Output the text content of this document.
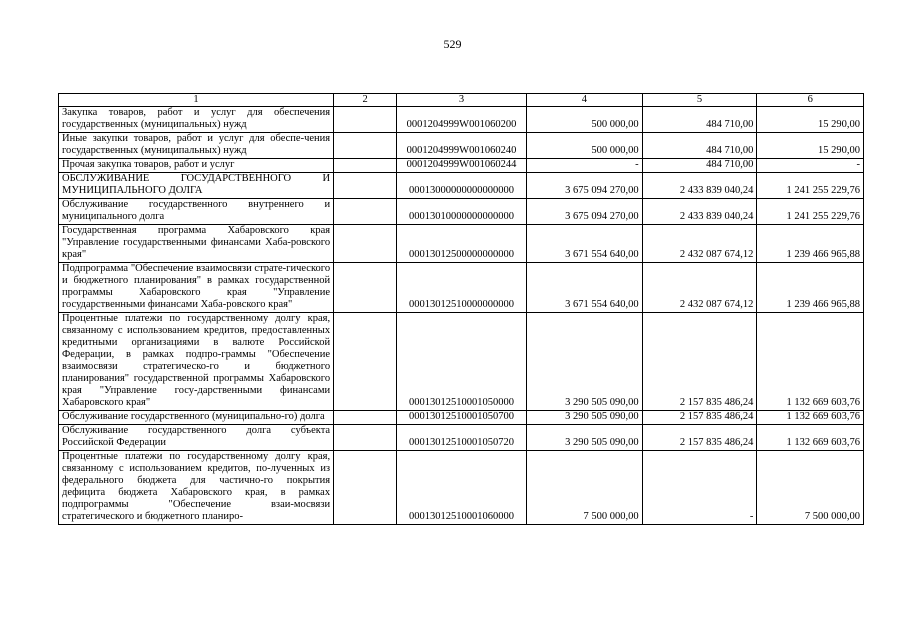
529
1	2	3	4	5	6
Закупка товаров, работ и услуг для обеспечения государственных (муниципальных) нужд		0001204999W001060200	500 000,00	484 710,00	15 290,00
Иные закупки товаров, работ и услуг для обеспе-чения государственных (муниципальных) нужд		0001204999W001060240	500 000,00	484 710,00	15 290,00
Прочая закупка товаров, работ и услуг		0001204999W001060244	-	484 710,00	-
ОБСЛУЖИВАНИЕ ГОСУДАРСТВЕННОГО И МУНИЦИПАЛЬНОГО ДОЛГА		00013000000000000000	3 675 094 270,00	2 433 839 040,24	1 241 255 229,76
Обслуживание государственного внутреннего и муниципального долга		00013010000000000000	3 675 094 270,00	2 433 839 040,24	1 241 255 229,76
Государственная программа Хабаровского края "Управление государственными финансами Хаба-ровского края"		00013012500000000000	3 671 554 640,00	2 432 087 674,12	1 239 466 965,88
Подпрограмма "Обеспечение взаимосвязи страте-гического и бюджетного планирования" в рамках государственной программы Хабаровского края "Управление государственными финансами Хаба-ровского края"		00013012510000000000	3 671 554 640,00	2 432 087 674,12	1 239 466 965,88
Процентные платежи по государственному долгу края, связанному с использованием кредитов, предоставленных кредитными организациями в валюте Российской Федерации, в рамках подпро-граммы "Обеспечение взаимосвязи стратегическо-го и бюджетного планирования" государственной программы Хабаровского края "Управление госу-дарственными финансами Хабаровского края"		00013012510001050000	3 290 505 090,00	2 157 835 486,24	1 132 669 603,76
Обслуживание государственного (муниципально-го) долга		00013012510001050700	3 290 505 090,00	2 157 835 486,24	1 132 669 603,76
Обслуживание государственного долга субъекта Российской Федерации		00013012510001050720	3 290 505 090,00	2 157 835 486,24	1 132 669 603,76
Процентные платежи по государственному долгу края, связанному с использованием кредитов, по-лученных из федерального бюджета для частично-го покрытия дефицита бюджета Хабаровского края, в рамках подпрограммы "Обеспечение взаи-мосвязи стратегического и бюджетного планиро-		00013012510001060000	7 500 000,00	-	7 500 000,00
